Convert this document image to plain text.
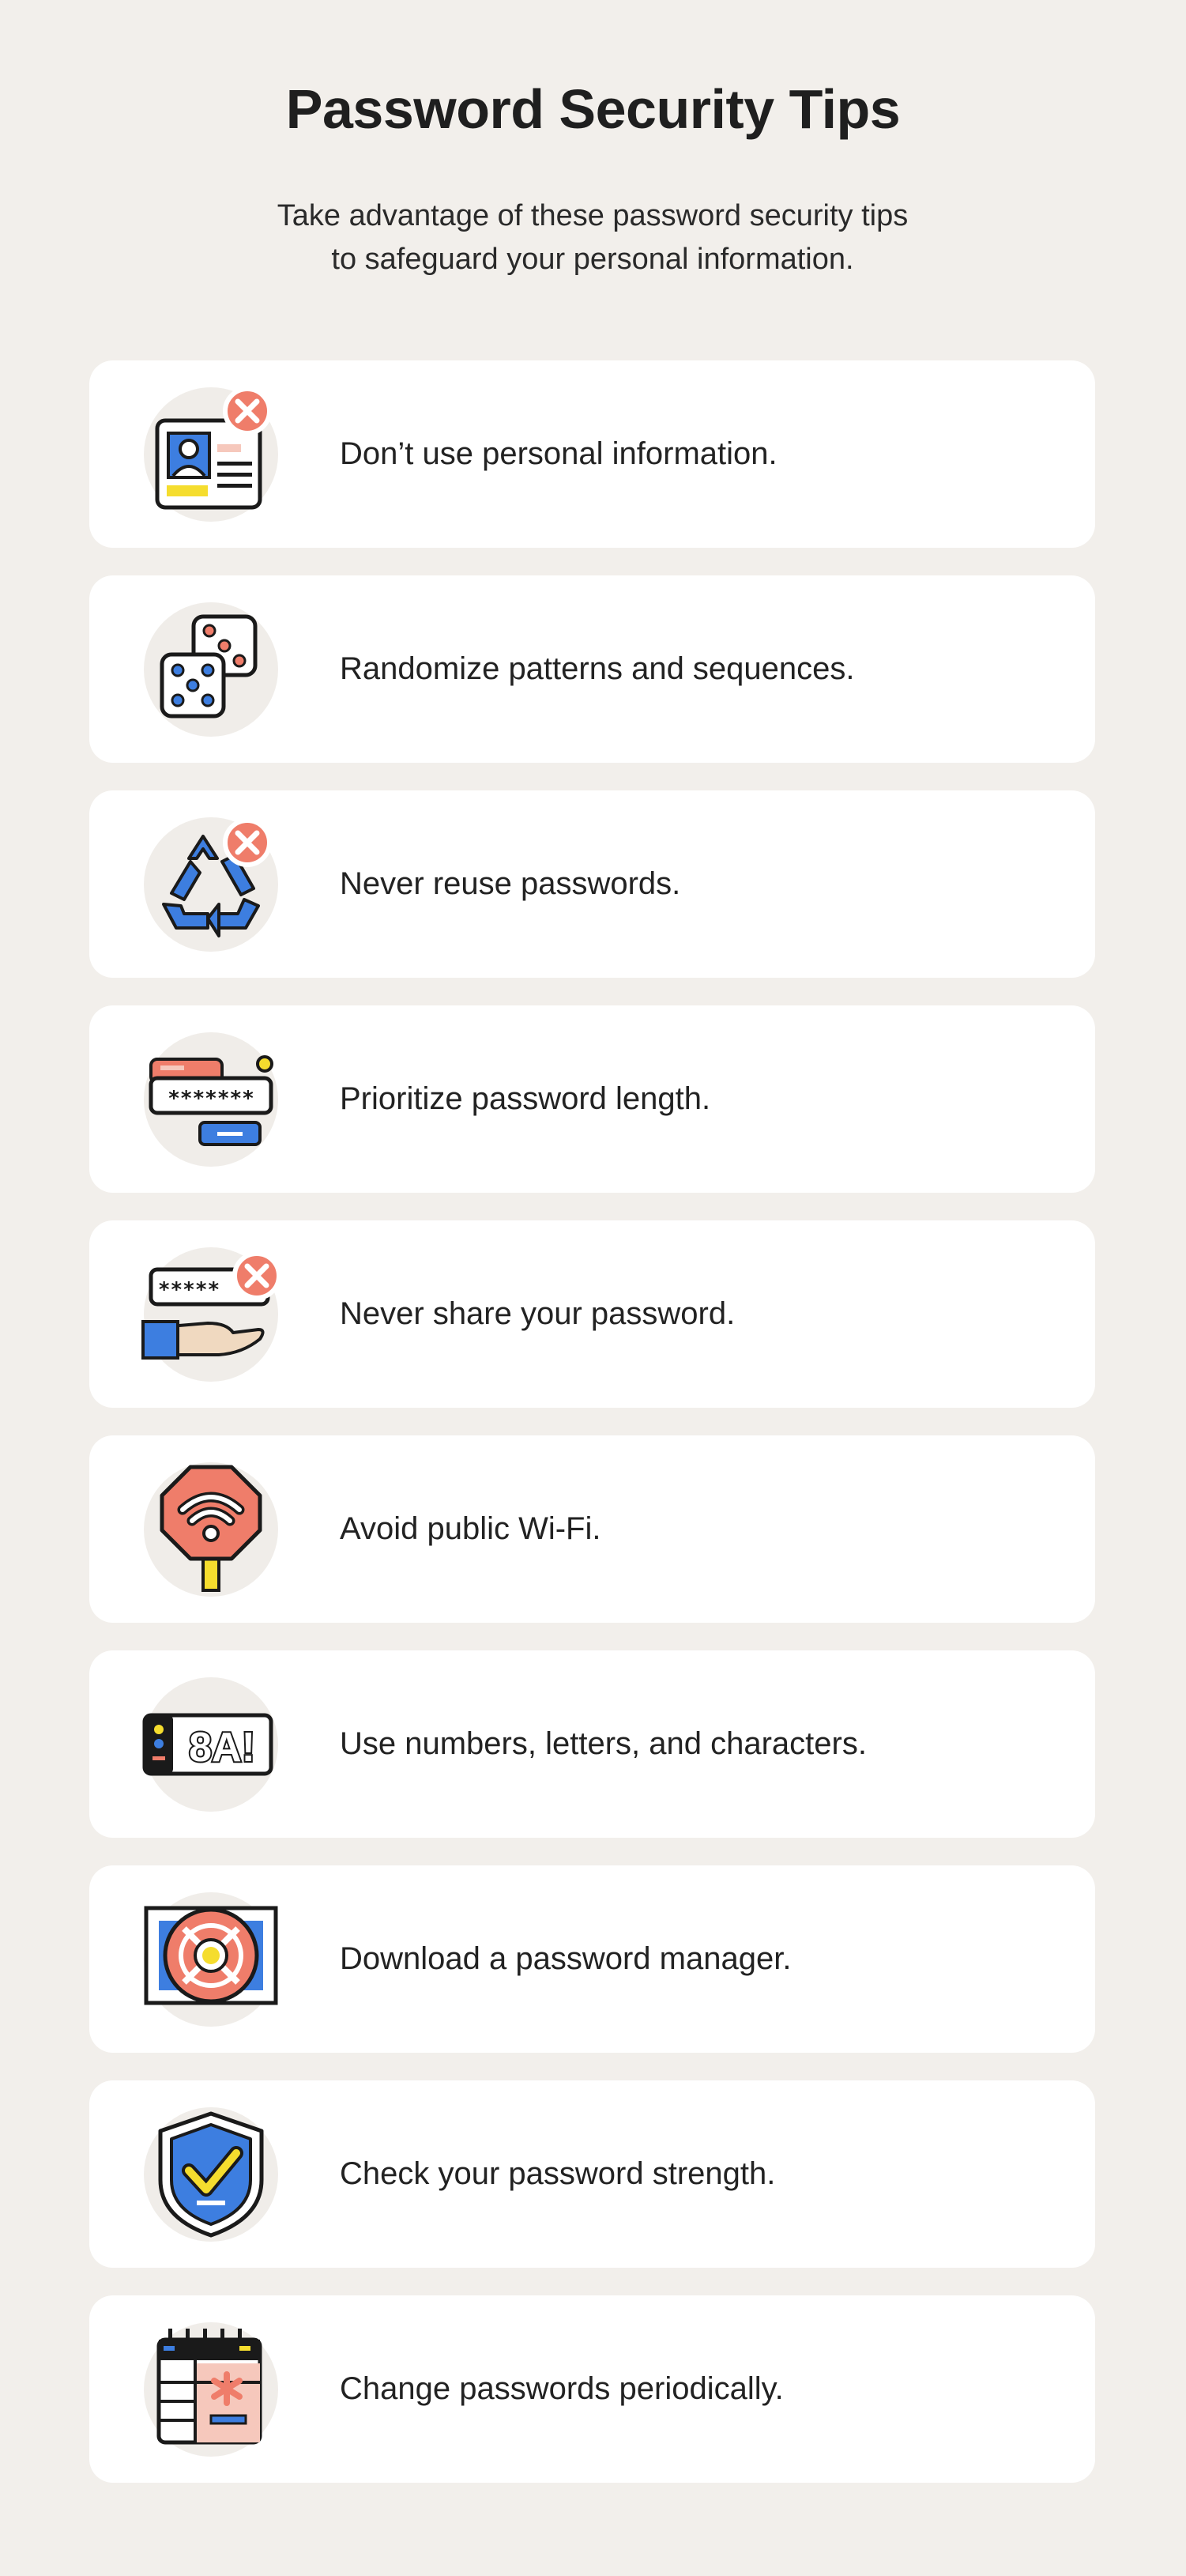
Password Security Tips

Take advantage of these password security tips
to safeguard your personal information.

Don’t use personal information.
Randomize patterns and sequences.
Never reuse passwords.
*******	Prioritize password length.
*****
Never share your password.
Avoid public Wi-Fi.
8A!	Use numbers, letters, and characters.
Download a password manager.
Check your password strength.
Change passwords periodically.
